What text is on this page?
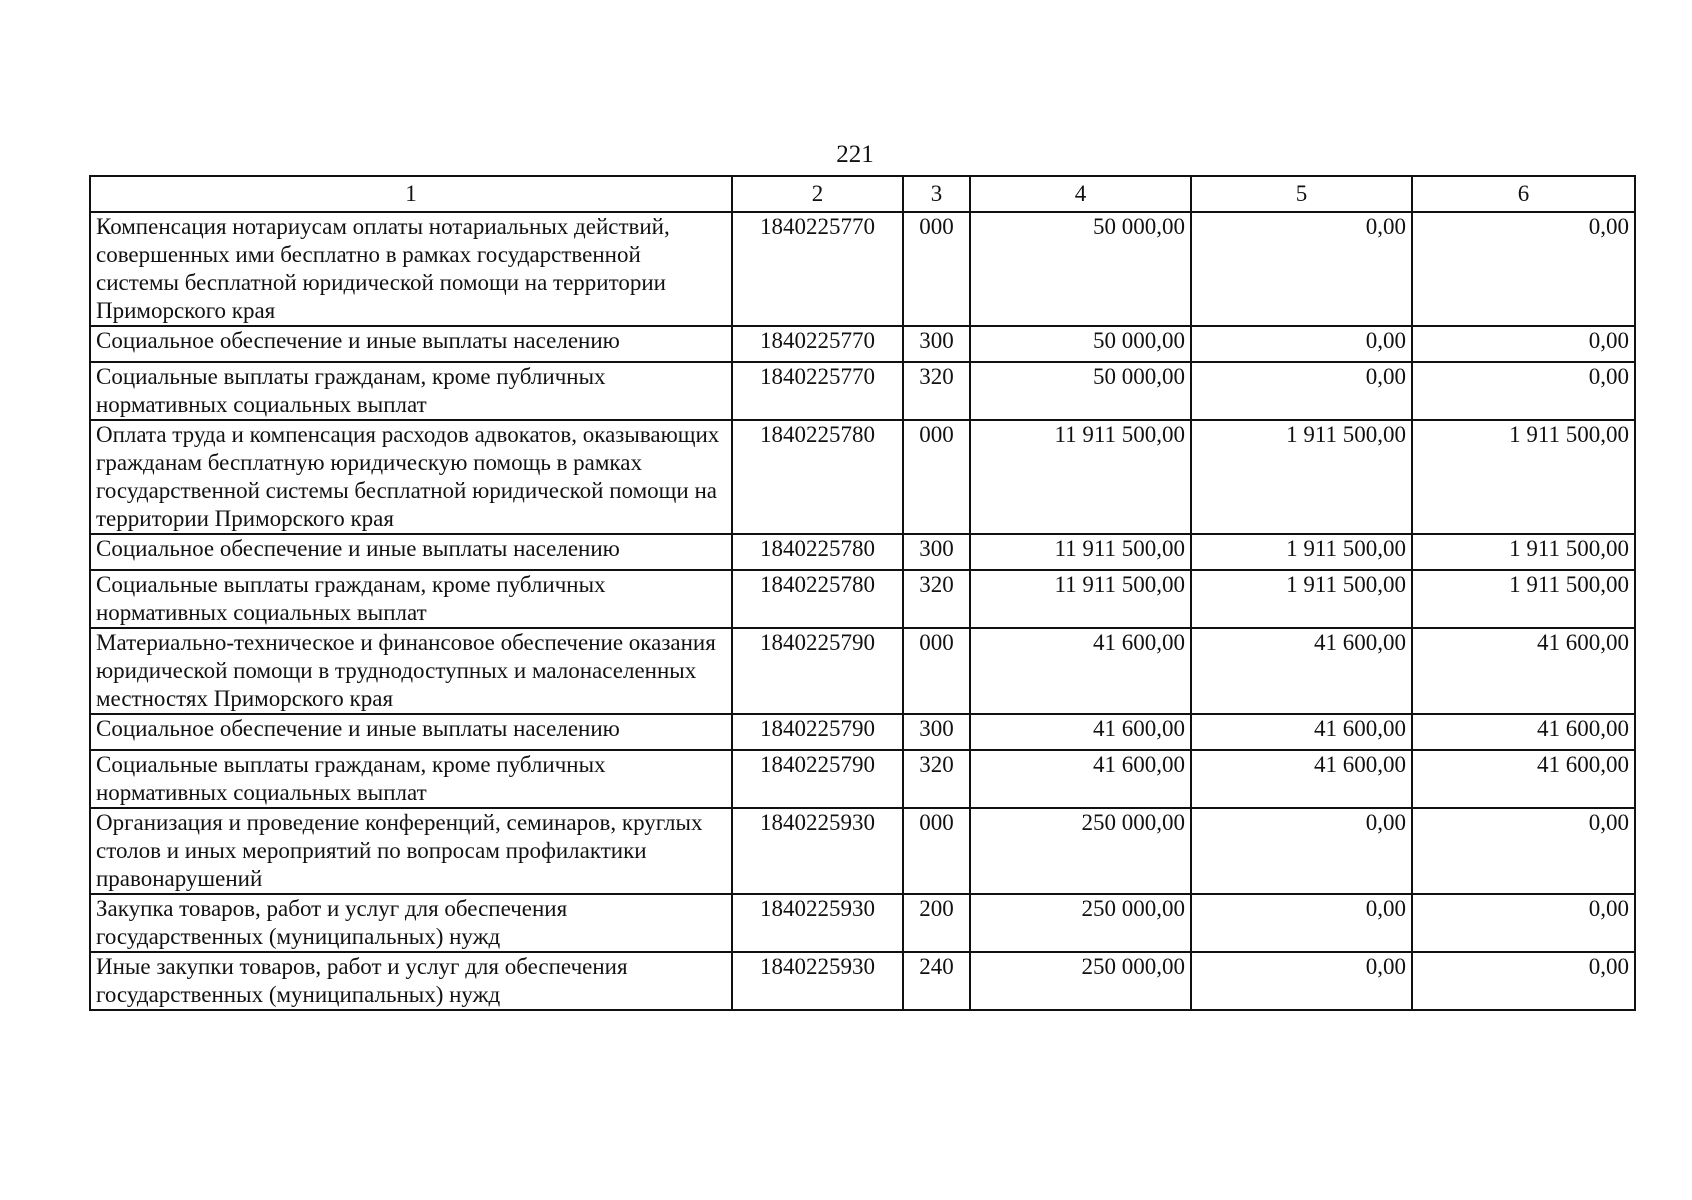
221
1	2	3	4	5	6
Компенсация нотариусам оплаты нотариальных действий, совершенных ими бесплатно в рамках государственной системы бесплатной юридической помощи на территории Приморского края	1840225770	000	50 000,00	0,00	0,00
Социальное обеспечение и иные выплаты населению	1840225770	300	50 000,00	0,00	0,00
Социальные выплаты гражданам, кроме публичных нормативных социальных выплат	1840225770	320	50 000,00	0,00	0,00
Оплата труда и компенсация расходов адвокатов, оказывающих гражданам бесплатную юридическую помощь в рамках государственной системы бесплатной юридической помощи на территории Приморского края	1840225780	000	11 911 500,00	1 911 500,00	1 911 500,00
Социальное обеспечение и иные выплаты населению	1840225780	300	11 911 500,00	1 911 500,00	1 911 500,00
Социальные выплаты гражданам, кроме публичных нормативных социальных выплат	1840225780	320	11 911 500,00	1 911 500,00	1 911 500,00
Материально-техническое и финансовое обеспечение оказания юридической помощи в труднодоступных и малонаселенных местностях Приморского края	1840225790	000	41 600,00	41 600,00	41 600,00
Социальное обеспечение и иные выплаты населению	1840225790	300	41 600,00	41 600,00	41 600,00
Социальные выплаты гражданам, кроме публичных нормативных социальных выплат	1840225790	320	41 600,00	41 600,00	41 600,00
Организация и проведение конференций, семинаров, круглых столов и иных мероприятий по вопросам профилактики правонарушений	1840225930	000	250 000,00	0,00	0,00
Закупка товаров, работ и услуг для обеспечения государственных (муниципальных) нужд	1840225930	200	250 000,00	0,00	0,00
Иные закупки товаров, работ и услуг для обеспечения государственных (муниципальных) нужд	1840225930	240	250 000,00	0,00	0,00
